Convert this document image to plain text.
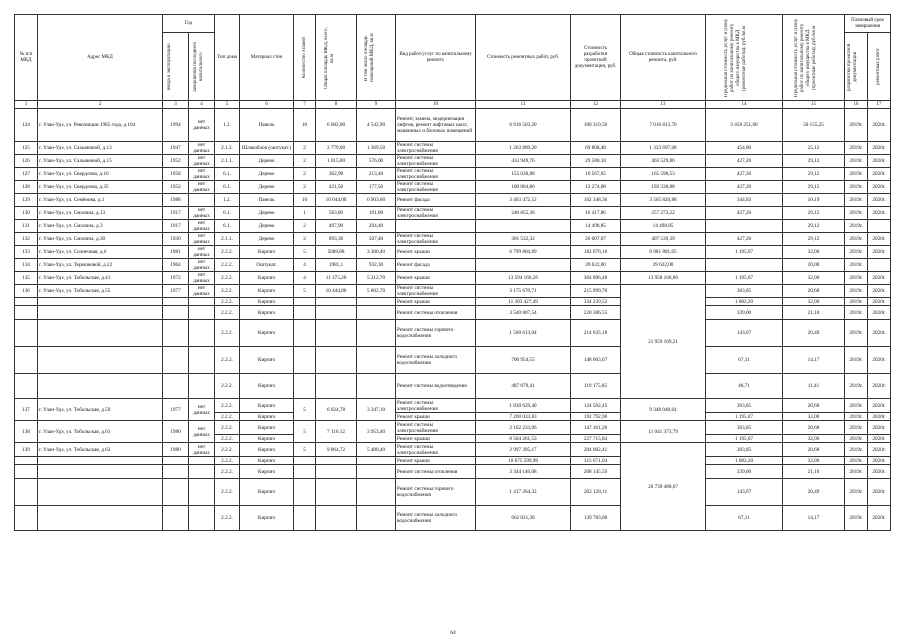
№ п/п МКД	Адрес МКД	Год		Тип дома	Материал стен	Количество этажей	Общая площадь МКД, всего, кв.м	В том числе площадь помещений МКД, кв.м	Вид работ/услуг по капитальному ремонту	Стоимость ремонтных работ, руб.	Стоимость разработки проектной документации, руб.	Общая стоимость капитального ремонта, руб.	Предельная стоимость услуг и (или) работ по капитальному ремонту общего имущества в МКД (ремонтные работы), руб./кв.м	Предельная стоимость услуг и (или) работ по капитальному ремонту общего имущества в МКД (проектные работы), руб./кв.м	Плановый срок завершения	

		ввода в эксплуатацию	завершения последнего капитального												разработки проектной документации	ремонтных работ

1	2	3	4	5	6	7	8	9	10	11	12	13	14	15	16	17
124	г. Улан-Удэ, ул. Революции 1905 года, д.104	1994	нет данных	1.2.	Панель	10	6 682,00	4 542,90	Ремонт, замена, модернизация лифтов, ремонт лифтовых шахт, машинных и блочных помещений	6 916 503,20	100 310,50	7 016 813,70	3 458 251,60	50 155,25	2019г.	2020г.
125	г. Улан-Удэ, ул. Сахьяновой, д.13	1947	нет данных	2.1.2.	Шлакоблок (оштукат.)	2	2 779,00	1 369,50	Ремонт системы электроснабжения	1 263 889,20	69 808,48	1 333 697,68	454,80	25,12	2019г.	2020г.
126	г. Улан-Удэ, ул. Сахьяновой, д.15	1952	нет данных	2.1.1.	Дерево	2	1 015,80	576,00	Ремонт системы электроснабжения	433 949,76	29 580,10	463 529,86	427,20	29,12	2019г.	2020г.
127	г. Улан-Удэ, ул. Свердлова, д.16	1958	нет данных	6.1.	Дерево	2	362,90	213,40	Ремонт системы электроснабжения	155 030,88	10 567,65	165 598,53	427,20	29,12	2019г.	2020г.
128	г. Улан-Удэ, ул. Свердлова, д.35	1952	нет данных	6.1.	Дерево	2	421,50	177,50	Ремонт системы электроснабжения	180 064,80	12 274,08	192 338,88	427,20	29,12	2019г.	2020г.
129	г. Улан-Удэ, ул. Семёнова, д.1	1988		1.2.	Панель	10	10 044,00	6 903,60	Ремонт фасада	3 463 472,52	102 348,36	3 565 820,88	344,83	10,19	2019г.	2020г.
130	г. Улан-Удэ, ул. Смолина, д.13	1917	нет данных	6.1.	Дерево	1	563,80	191,80	Ремонт системы электроснабжения	240 855,36	16 417,86	257 273,22	427,20	29,12	2019г.	2020г.
131	г. Улан-Удэ, ул. Смолина, д.3	1917	нет данных	6.1.	Дерево	2	497,90	294,40			14 498,85	14 498,85		29,12	2019г.	
132	г. Улан-Удэ, ул. Смолина, д.30	1930	нет данных	2.1.1.	Дерево	2	893,30	507,40	Ремонт системы электроснабжения	381 532,32	26 007,07	407 539,39	427,20	29,12	2019г.	2020г.
133	г. Улан-Удэ, ул. Солнечная, д.6	1981	нет данных	2.2.2.	Кирпич	5	5689,88	3 300,40	Ремонт крыши	6 799 804,89	182 076,16	6 981 881,05	1 195,07	32,00	2019г.	2020г.
134	г. Улан-Удэ, ул. Терешковой, д.22	1964	нет данных	2.2.2.	Оштукат.	4	1981,1	932,30	Ремонт фасада		39 622,00	39 622,00		20,00	2019г.	
135	г. Улан-Удэ, ул. Тобольская, д.41	1972	нет данных	2.2.2.	Кирпич	4	11 375,20	5 212,70	Ремонт крыши	13 594 160,26	364 006,40	13 958 166,66	1 195,07	32,00	2019г.	2020г.
136	г. Улан-Удэ, ул. Тобольская, д.55	1977	нет данных	2.2.2.	Кирпич	5	10 444,86	5 802,70	Ремонт системы электроснабжения	3 175 670,71	215 999,70	21 959 169,21	303,85	20,68	2019г.	2020г.
				2.2.2.	Кирпич				Ремонт крыши	11 303 427,49	334 239,52		1 082,20	32,00	2019г.	2020г.
				2.2.2.	Кирпич				Ремонт системы отопления	3 540 807,54	220 386,55		339,00	21,10	2019г.	2020г.
				2.2.2.	Кирпич				Ремонт системы горячего водоснабжения	1 500 613,04	214 035,18		143,67	20,49	2019г.	2020г.
				2.2.2.	Кирпич				Ремонт системы холодного водоснабжения	700 954,55	148 003,67		67,11	14,17	2019г.	2020г.
				2.2.2.	Кирпич				Ремонт системы водоотведения	487 879,41	119 175,85		46,71	11,41	2019г.	2020г.
137	г. Улан-Удэ, ул. Тобольская, д.59	1977	нет данных	2.2.2.	Кирпич	5	6 024,78	3 347,10	Ремонт системы электроснабжения	1 830 629,40	124 592,45	9 348 048,64	303,85	20,68	2019г.	2020г.
				2.2.2.	Кирпич				Ремонт крыши	7 200 033,83	192 792,96		1 195,07	32,00	2019г.	2020г.
138	г. Улан-Удэ, ул. Тобольская, д.61	1980	нет данных	2.2.2.	Кирпич	5	7 116,12	3 953,40	Ремонт системы электроснабжения	2 162 233,06	147 161,26	11 041 373,79	303,85	20,68	2019г.	2020г.
				2.2.2.	Кирпич				Ремонт крыши	8 504 261,53	227 715,84		1 195,07	32,00	2019г.	2020г.
139	г. Улан-Удэ, ул. Тобольская, д.63	1980	нет данных	2.2.2.	Кирпич	5	9 864,72	5 480,40	Ремонт системы электроснабжения	2 997 395,17	204 002,41	20 739 488,67	303,85	20,68	2019г.	2020г.
				2.2.2.	Кирпич				Ремонт крыши	10 675 599,98	315 671,04		1 082,20	32,00	2019г.	2020г.
				2.2.2.	Кирпич				Ремонт системы отопления	3 344 140,08	208 145,59		339,00	21,10	2019г.	2020г.
				2.2.2.	Кирпич				Ремонт системы горячего водоснабжения	1 417 264,32	202 128,11		143,67	20,49	2019г.	2020г.
				2.2.2.	Кирпич				Ремонт системы холодного водоснабжения	662 021,36	139 783,08		67,11	14,17	2019г.	2020г.
64
